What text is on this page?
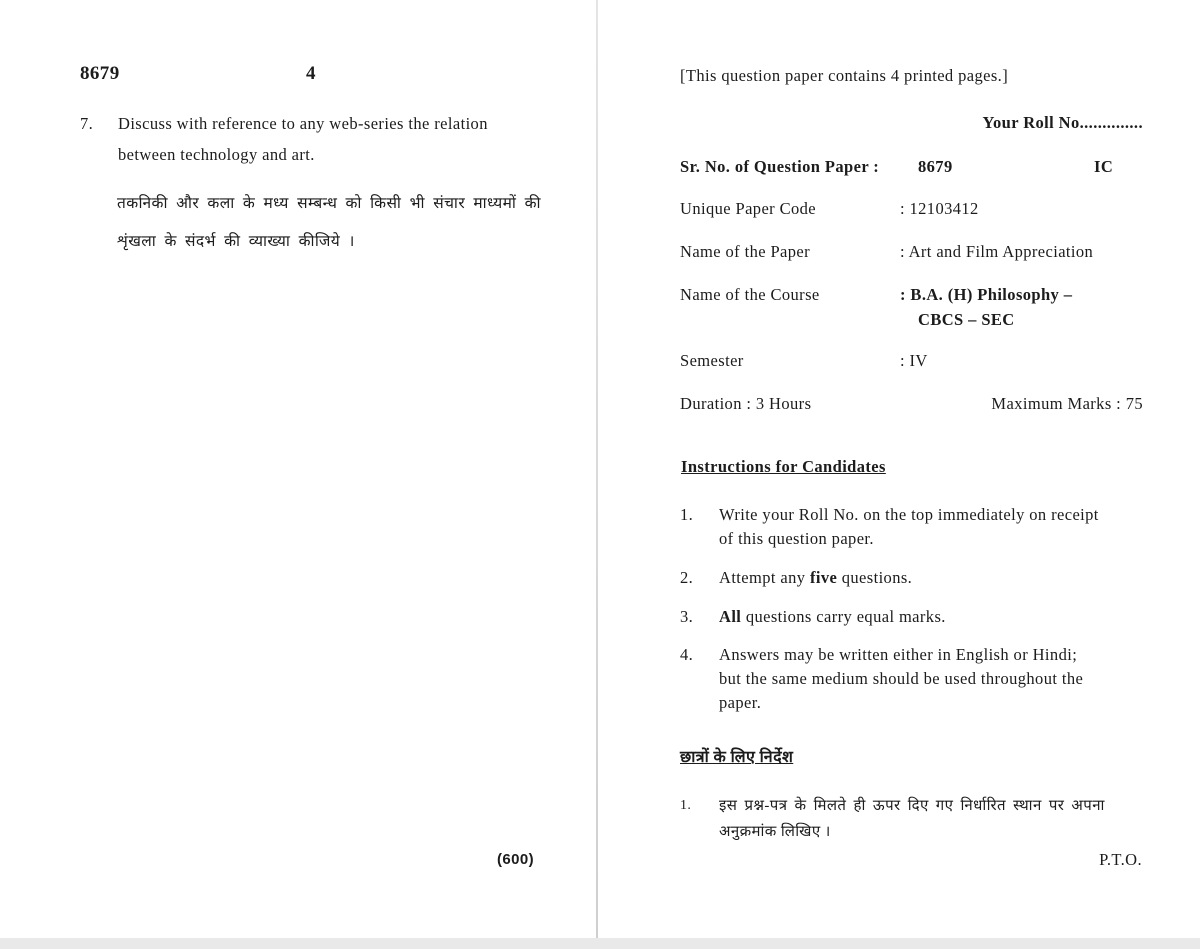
8679	4
7. Discuss with reference to any web-series the relation
between technology and art.
तकनिकी और कला के मध्य सम्बन्ध को किसी भी संचार माध्यमों की
शृंखला के संदर्भ की व्याख्या कीजिये ।
(600)
[This question paper contains 4 printed pages.]
Your Roll No..............
Sr. No. of Question Paper : 8679	IC
Unique Paper Code	: 12103412
Name of the Paper	: Art and Film Appreciation
Name of the Course	: B.A. (H) Philosophy –
CBCS – SEC
Semester	: IV
Duration : 3 Hours	Maximum Marks : 75
Instructions for Candidates
1. Write your Roll No. on the top immediately on receipt
of this question paper.
2. Attempt any five questions.
3. All questions carry equal marks.
4. Answers may be written either in English or Hindi;
but the same medium should be used throughout the
paper.
छात्रों के लिए निर्देश
1. इस प्रश्न-पत्र के मिलते ही ऊपर दिए गए निर्धारित स्थान पर अपना
अनुक्रमांक लिखिए ।
P.T.O.
